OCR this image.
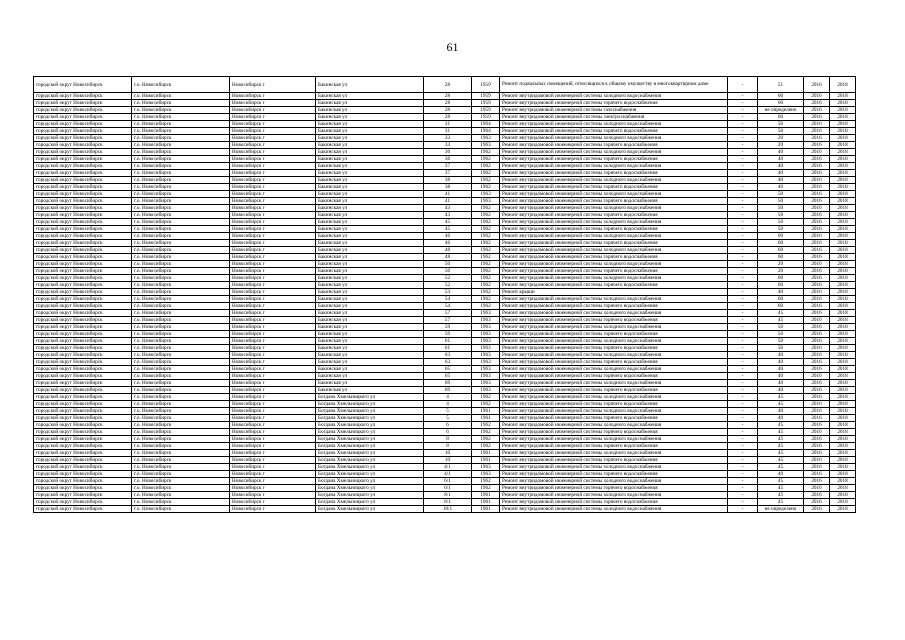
61
городской округ Новосибирск	г.о. Новосибирск	Новосибирск г	Бакинская ул	28	1959	Ремонт подвальных помещений, относящихся к общему имуществу в многоквартирном доме	-	51	2016	2018
городской округ Новосибирск	г.о. Новосибирск	Новосибирск г	Бакинская ул	28	1959	Ремонт внутридомовой инженерной системы холодного водоснабжения	-	60	2016	2018
городской округ Новосибирск	г.о. Новосибирск	Новосибирск г	Бакинская ул	28	1959	Ремонт внутридомовой инженерной системы горячего водоснабжения	-	60	2016	2018
городской округ Новосибирск	г.о. Новосибирск	Новосибирск г	Бакинская ул	28	1959	Ремонт внутридомовой инженерной системы газоснабжения	-	не определено	2016	2018
городской округ Новосибирск	г.о. Новосибирск	Новосибирск г	Бакинская ул	28	1959	Ремонт внутридомовой инженерной системы электроснабжения	-	60	2016	2018
городской округ Новосибирск	г.о. Новосибирск	Новосибирск г	Бакинская ул	31	1964	Ремонт внутридомовой инженерной системы холодного водоснабжения	-	50	2016	2018
городской округ Новосибирск	г.о. Новосибирск	Новосибирск г	Бакинская ул	31	1964	Ремонт внутридомовой инженерной системы горячего водоснабжения	-	50	2016	2018
городской округ Новосибирск	г.о. Новосибирск	Новосибирск г	Бакинская ул	33	1963	Ремонт внутридомовой инженерной системы холодного водоснабжения	-	20	2016	2018
городской округ Новосибирск	г.о. Новосибирск	Новосибирск г	Бакинская ул	33	1963	Ремонт внутридомовой инженерной системы горячего водоснабжения	-	20	2016	2018
городской округ Новосибирск	г.о. Новосибирск	Новосибирск г	Бакинская ул	36	1962	Ремонт внутридомовой инженерной системы холодного водоснабжения	-	40	2016	2018
городской округ Новосибирск	г.о. Новосибирск	Новосибирск г	Бакинская ул	36	1962	Ремонт внутридомовой инженерной системы горячего водоснабжения	-	40	2016	2018
городской округ Новосибирск	г.о. Новосибирск	Новосибирск г	Бакинская ул	37	1962	Ремонт внутридомовой инженерной системы холодного водоснабжения	-	40	2016	2018
городской округ Новосибирск	г.о. Новосибирск	Новосибирск г	Бакинская ул	37	1962	Ремонт внутридомовой инженерной системы горячего водоснабжения	-	40	2016	2018
городской округ Новосибирск	г.о. Новосибирск	Новосибирск г	Бакинская ул	38	1962	Ремонт внутридомовой инженерной системы холодного водоснабжения	-	40	2016	2018
городской округ Новосибирск	г.о. Новосибирск	Новосибирск г	Бакинская ул	38	1962	Ремонт внутридомовой инженерной системы горячего водоснабжения	-	40	2016	2018
городской округ Новосибирск	г.о. Новосибирск	Новосибирск г	Бакинская ул	41	1963	Ремонт внутридомовой инженерной системы холодного водоснабжения	-	50	2016	2018
городской округ Новосибирск	г.о. Новосибирск	Новосибирск г	Бакинская ул	41	1963	Ремонт внутридомовой инженерной системы горячего водоснабжения	-	50	2016	2018
городской округ Новосибирск	г.о. Новосибирск	Новосибирск г	Бакинская ул	43	1962	Ремонт внутридомовой инженерной системы холодного водоснабжения	-	50	2016	2018
городской округ Новосибирск	г.о. Новосибирск	Новосибирск г	Бакинская ул	43	1962	Ремонт внутридомовой инженерной системы горячего водоснабжения	-	50	2016	2018
городской округ Новосибирск	г.о. Новосибирск	Новосибирск г	Бакинская ул	45	1962	Ремонт внутридомовой инженерной системы холодного водоснабжения	-	50	2016	2018
городской округ Новосибирск	г.о. Новосибирск	Новосибирск г	Бакинская ул	45	1962	Ремонт внутридомовой инженерной системы горячего водоснабжения	-	50	2016	2018
городской округ Новосибирск	г.о. Новосибирск	Новосибирск г	Бакинская ул	46	1962	Ремонт внутридомовой инженерной системы холодного водоснабжения	-	60	2016	2018
городской округ Новосибирск	г.о. Новосибирск	Новосибирск г	Бакинская ул	46	1962	Ремонт внутридомовой инженерной системы горячего водоснабжения	-	60	2016	2018
городской округ Новосибирск	г.о. Новосибирск	Новосибирск г	Бакинская ул	48	1962	Ремонт внутридомовой инженерной системы холодного водоснабжения	-	60	2016	2018
городской округ Новосибирск	г.о. Новосибирск	Новосибирск г	Бакинская ул	48	1962	Ремонт внутридомовой инженерной системы горячего водоснабжения	-	60	2016	2018
городской округ Новосибирск	г.о. Новосибирск	Новосибирск г	Бакинская ул	50	1962	Ремонт внутридомовой инженерной системы холодного водоснабжения	-	20	2016	2018
городской округ Новосибирск	г.о. Новосибирск	Новосибирск г	Бакинская ул	50	1962	Ремонт внутридомовой инженерной системы горячего водоснабжения	-	20	2016	2018
городской округ Новосибирск	г.о. Новосибирск	Новосибирск г	Бакинская ул	52	1962	Ремонт внутридомовой инженерной системы холодного водоснабжения	-	60	2016	2018
городской округ Новосибирск	г.о. Новосибирск	Новосибирск г	Бакинская ул	52	1962	Ремонт внутридомовой инженерной системы горячего водоснабжения	-	60	2016	2018
городской округ Новосибирск	г.о. Новосибирск	Новосибирск г	Бакинская ул	53	1962	Ремонт крыши	-	40	2016	2018
городской округ Новосибирск	г.о. Новосибирск	Новосибирск г	Бакинская ул	54	1962	Ремонт внутридомовой инженерной системы холодного водоснабжения	-	60	2016	2018
городской округ Новосибирск	г.о. Новосибирск	Новосибирск г	Бакинская ул	54	1962	Ремонт внутридомовой инженерной системы горячего водоснабжения	-	60	2016	2018
городской округ Новосибирск	г.о. Новосибирск	Новосибирск г	Бакинская ул	57	1963	Ремонт внутридомовой инженерной системы холодного водоснабжения	-	45	2016	2018
городской округ Новосибирск	г.о. Новосибирск	Новосибирск г	Бакинская ул	57	1963	Ремонт внутридомовой инженерной системы горячего водоснабжения	-	45	2016	2018
городской округ Новосибирск	г.о. Новосибирск	Новосибирск г	Бакинская ул	59	1963	Ремонт внутридомовой инженерной системы холодного водоснабжения	-	50	2016	2018
городской округ Новосибирск	г.о. Новосибирск	Новосибирск г	Бакинская ул	59	1963	Ремонт внутридомовой инженерной системы горячего водоснабжения	-	50	2016	2018
городской округ Новосибирск	г.о. Новосибирск	Новосибирск г	Бакинская ул	61	1963	Ремонт внутридомовой инженерной системы холодного водоснабжения	-	50	2016	2018
городской округ Новосибирск	г.о. Новосибирск	Новосибирск г	Бакинская ул	61	1963	Ремонт внутридомовой инженерной системы горячего водоснабжения	-	50	2016	2018
городской округ Новосибирск	г.о. Новосибирск	Новосибирск г	Бакинская ул	63	1963	Ремонт внутридомовой инженерной системы холодного водоснабжения	-	40	2016	2018
городской округ Новосибирск	г.о. Новосибирск	Новосибирск г	Бакинская ул	63	1963	Ремонт внутридомовой инженерной системы горячего водоснабжения	-	40	2016	2018
городской округ Новосибирск	г.о. Новосибирск	Новосибирск г	Бакинская ул	65	1963	Ремонт внутридомовой инженерной системы холодного водоснабжения	-	40	2016	2018
городской округ Новосибирск	г.о. Новосибирск	Новосибирск г	Бакинская ул	65	1963	Ремонт внутридомовой инженерной системы горячего водоснабжения	-	40	2016	2018
городской округ Новосибирск	г.о. Новосибирск	Новосибирск г	Бакинская ул	69	1963	Ремонт внутридомовой инженерной системы холодного водоснабжения	-	40	2016	2018
городской округ Новосибирск	г.о. Новосибирск	Новосибирск г	Бакинская ул	69	1963	Ремонт внутридомовой инженерной системы горячего водоснабжения	-	40	2016	2018
городской округ Новосибирск	г.о. Новосибирск	Новосибирск г	Богдана Хмельницкого ул	4	1962	Ремонт внутридомовой инженерной системы холодного водоснабжения	-	45	2016	2018
городской округ Новосибирск	г.о. Новосибирск	Новосибирск г	Богдана Хмельницкого ул	4	1962	Ремонт внутридомовой инженерной системы горячего водоснабжения	-	45	2016	2018
городской округ Новосибирск	г.о. Новосибирск	Новосибирск г	Богдана Хмельницкого ул	5	1961	Ремонт внутридомовой инженерной системы холодного водоснабжения	-	40	2016	2018
городской округ Новосибирск	г.о. Новосибирск	Новосибирск г	Богдана Хмельницкого ул	5	1961	Ремонт внутридомовой инженерной системы горячего водоснабжения	-	40	2016	2018
городской округ Новосибирск	г.о. Новосибирск	Новосибирск г	Богдана Хмельницкого ул	6	1962	Ремонт внутридомовой инженерной системы холодного водоснабжения	-	45	2016	2018
городской округ Новосибирск	г.о. Новосибирск	Новосибирск г	Богдана Хмельницкого ул	6	1962	Ремонт внутридомовой инженерной системы горячего водоснабжения	-	45	2016	2018
городской округ Новосибирск	г.о. Новосибирск	Новосибирск г	Богдана Хмельницкого ул	8	1962	Ремонт внутридомовой инженерной системы холодного водоснабжения	-	45	2016	2018
городской округ Новосибирск	г.о. Новосибирск	Новосибирск г	Богдана Хмельницкого ул	8	1962	Ремонт внутридомовой инженерной системы горячего водоснабжения	-	45	2016	2018
городской округ Новосибирск	г.о. Новосибирск	Новосибирск г	Богдана Хмельницкого ул	10	1961	Ремонт внутридомовой инженерной системы холодного водоснабжения	-	45	2016	2018
городской округ Новосибирск	г.о. Новосибирск	Новосибирск г	Богдана Хмельницкого ул	10	1961	Ремонт внутридомовой инженерной системы горячего водоснабжения	-	45	2016	2018
городской округ Новосибирск	г.о. Новосибирск	Новосибирск г	Богдана Хмельницкого ул	4/1	1963	Ремонт внутридомовой инженерной системы холодного водоснабжения	-	45	2016	2018
городской округ Новосибирск	г.о. Новосибирск	Новосибирск г	Богдана Хмельницкого ул	4/1	1963	Ремонт внутридомовой инженерной системы горячего водоснабжения	-	40	2016	2018
городской округ Новосибирск	г.о. Новосибирск	Новосибирск г	Богдана Хмельницкого ул	6/1	1962	Ремонт внутридомовой инженерной системы холодного водоснабжения	-	45	2016	2018
городской округ Новосибирск	г.о. Новосибирск	Новосибирск г	Богдана Хмельницкого ул	6/1	1962	Ремонт внутридомовой инженерной системы горячего водоснабжения	-	45	2016	2018
городской округ Новосибирск	г.о. Новосибирск	Новосибирск г	Богдана Хмельницкого ул	8/1	1961	Ремонт внутридомовой инженерной системы холодного водоснабжения	-	45	2016	2018
городской округ Новосибирск	г.о. Новосибирск	Новосибирск г	Богдана Хмельницкого ул	8/1	1961	Ремонт внутридомовой инженерной системы горячего водоснабжения	-	45	2016	2018
городской округ Новосибирск	г.о. Новосибирск	Новосибирск г	Богдана Хмельницкого ул	10/1	1961	Ремонт внутридомовой инженерной системы холодного водоснабжения	-	не определено	2016	2018
